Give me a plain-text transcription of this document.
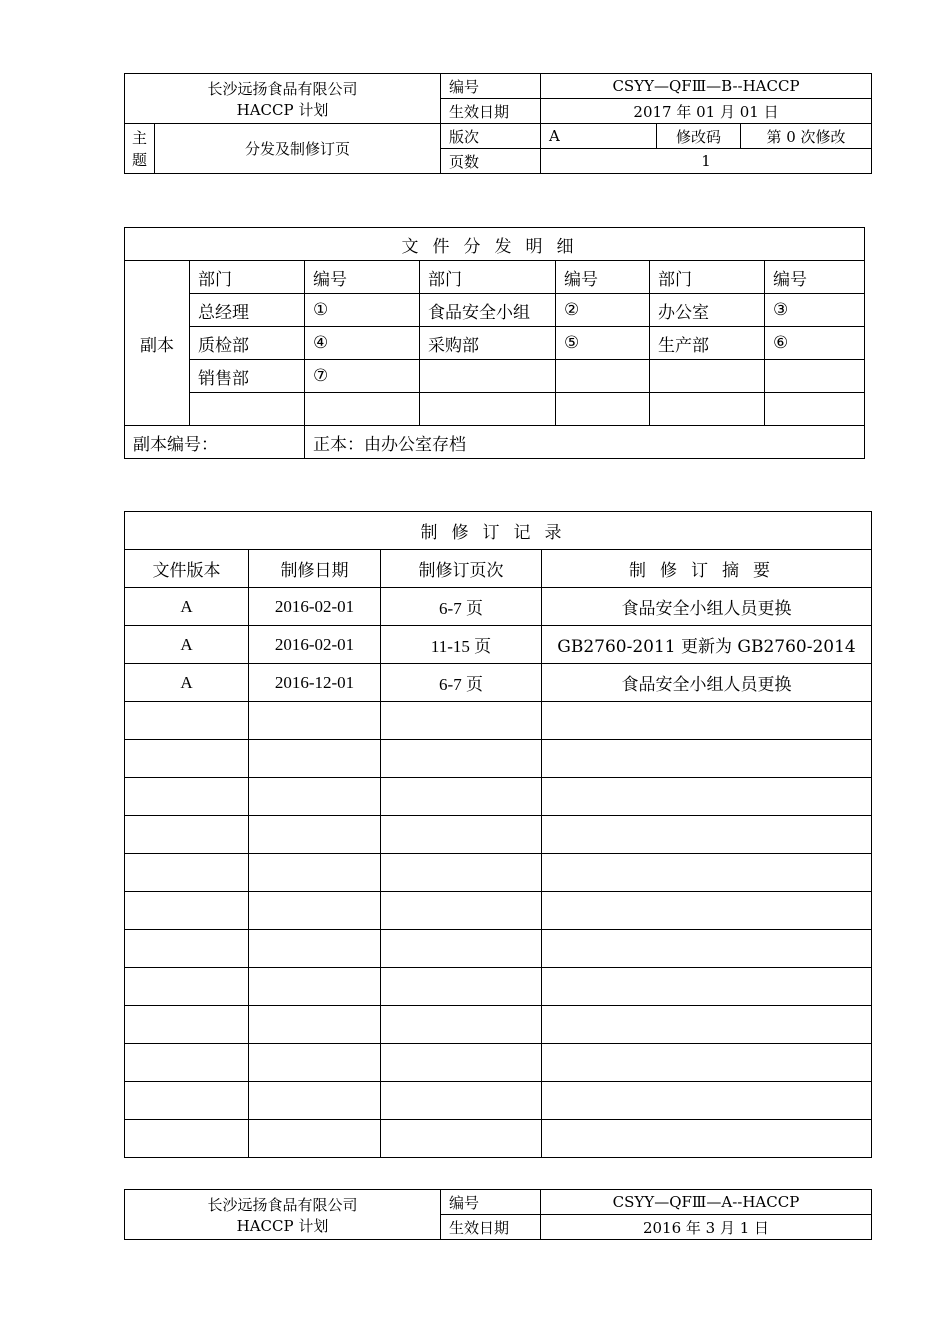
长沙远扬食品有限公司
HACCP 计划		编号	CSYY—QFⅢ—B--HACCP		
		生效日期	2017 年 01 月 01 日		

主
题	分发及制修订页	版次	A	修改码	第 0 次修改
		页数	1		
文件分发明细						
副本	部门	编号	部门	编号	部门	编号
	总经理	①	食品安全小组	②	办公室	③
	质检部	④	采购部	⑤	生产部	⑥
	销售部	⑦				

副本编号：		正本：由办公室存档				
制修订记录			
文件版本	制修日期	制修订页次	制修订摘要
A	2016-02-01	6-7 页	食品安全小组人员更换
A	2016-02-01	11-15 页	GB2760-2011 更新为 GB2760-2014
A	2016-12-01	6-7 页	食品安全小组人员更换

长沙远扬食品有限公司
HACCP 计划	编号	CSYY—QFⅢ—A--HACCP
	生效日期	2016 年 3 月 1 日
